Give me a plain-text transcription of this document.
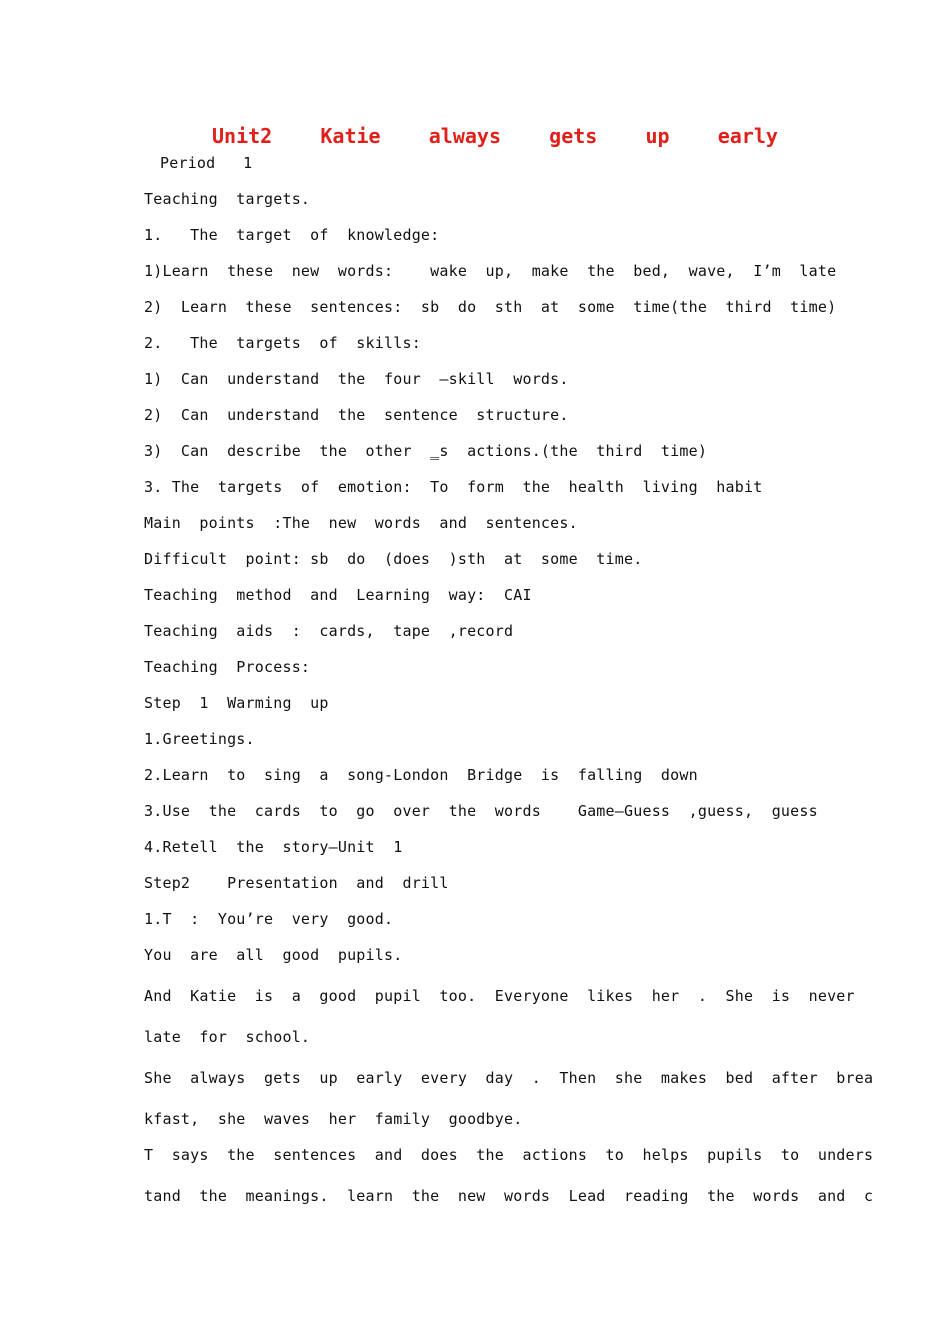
Unit2    Katie    always    gets    up    early
Period   1
Teaching  targets.
1.   The  target  of  knowledge:
1)Learn  these  new  words:    wake  up,  make  the  bed,  wave,  I’m  late
2)  Learn  these  sentences:  sb  do  sth  at  some  time(the  third  time)
2.   The  targets  of  skills:
1)  Can  understand  the  four  –skill  words.
2)  Can  understand  the  sentence  structure.
3)  Can  describe  the  other  ‗s  actions.(the  third  time)
3. The  targets  of  emotion:  To  form  the  health  living  habit
Main  points  :The  new  words  and  sentences.
Difficult  point: sb  do  (does  )sth  at  some  time.
Teaching  method  and  Learning  way:  CAI
Teaching  aids  :  cards,  tape  ,record
Teaching  Process:
Step  1  Warming  up
1.Greetings.
2.Learn  to  sing  a  song-London  Bridge  is  falling  down
3.Use  the  cards  to  go  over  the  words    Game—Guess  ,guess,  guess
4.Retell  the  story—Unit  1
Step2    Presentation  and  drill
1.T  :  You’re  very  good.
You  are  all  good  pupils.
And  Katie  is  a  good  pupil  too.  Everyone  likes  her  .  She  is  never
late  for  school.
She  always  gets  up  early  every  day  .  Then  she  makes  bed  after  brea
kfast,  she  waves  her  family  goodbye.
T  says  the  sentences  and  does  the  actions  to  helps  pupils  to  unders
tand  the  meanings.  learn  the  new  words  Lead  reading  the  words  and  c
